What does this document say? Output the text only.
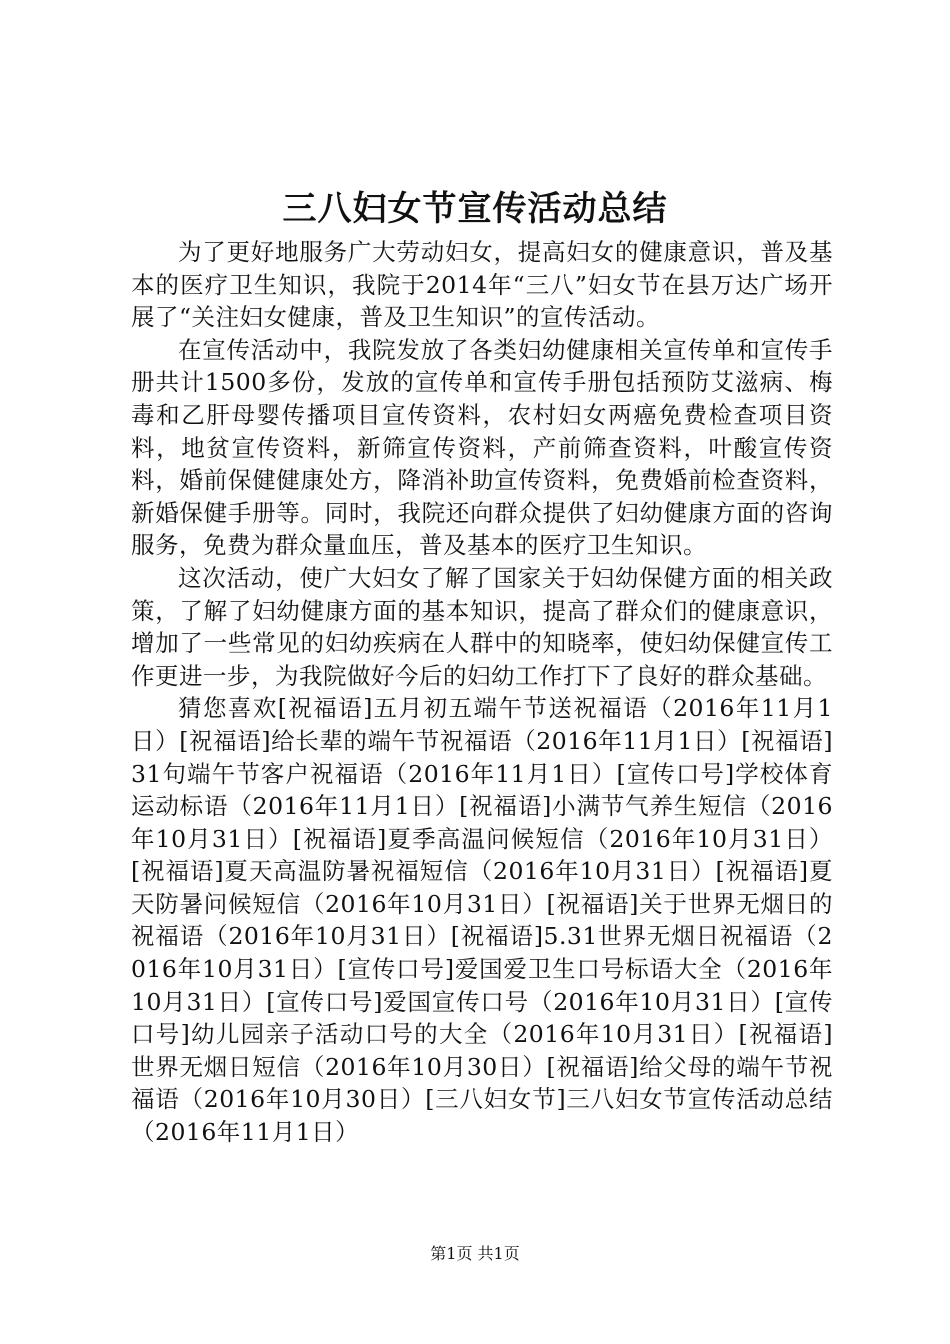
三八妇女节宣传活动总结

为了更好地服务广大劳动妇女，提高妇女的健康意识，普及基本的医疗卫生知识，我院于2014年“三八”妇女节在县万达广场开展了“关注妇女健康，普及卫生知识”的宣传活动。

在宣传活动中，我院发放了各类妇幼健康相关宣传单和宣传手册共计1500多份，发放的宣传单和宣传手册包括预防艾滋病、梅毒和乙肝母婴传播项目宣传资料，农村妇女两癌免费检查项目资料，地贫宣传资料，新筛宣传资料，产前筛查资料，叶酸宣传资料，婚前保健健康处方，降消补助宣传资料，免费婚前检查资料，新婚保健手册等。同时，我院还向群众提供了妇幼健康方面的咨询服务，免费为群众量血压，普及基本的医疗卫生知识。

这次活动，使广大妇女了解了国家关于妇幼保健方面的相关政策，了解了妇幼健康方面的基本知识，提高了群众们的健康意识，增加了一些常见的妇幼疾病在人群中的知晓率，使妇幼保健宣传工作更进一步，为我院做好今后的妇幼工作打下了良好的群众基础。

猜您喜欢[祝福语]五月初五端午节送祝福语（2016年11月1日）[祝福语]给长辈的端午节祝福语（2016年11月1日）[祝福语]31句端午节客户祝福语（2016年11月1日）[宣传口号]学校体育运动标语（2016年11月1日）[祝福语]小满节气养生短信（2016年10月31日）[祝福语]夏季高温问候短信（2016年10月31日）[祝福语]夏天高温防暑祝福短信（2016年10月31日）[祝福语]夏天防暑问候短信（2016年10月31日）[祝福语]关于世界无烟日的祝福语（2016年10月31日）[祝福语]5.31世界无烟日祝福语（2016年10月31日）[宣传口号]爱国爱卫生口号标语大全（2016年10月31日）[宣传口号]爱国宣传口号（2016年10月31日）[宣传口号]幼儿园亲子活动口号的大全（2016年10月31日）[祝福语]世界无烟日短信（2016年10月30日）[祝福语]给父母的端午节祝福语（2016年10月30日）[三八妇女节]三八妇女节宣传活动总结（2016年11月1日）

第1页 共1页
